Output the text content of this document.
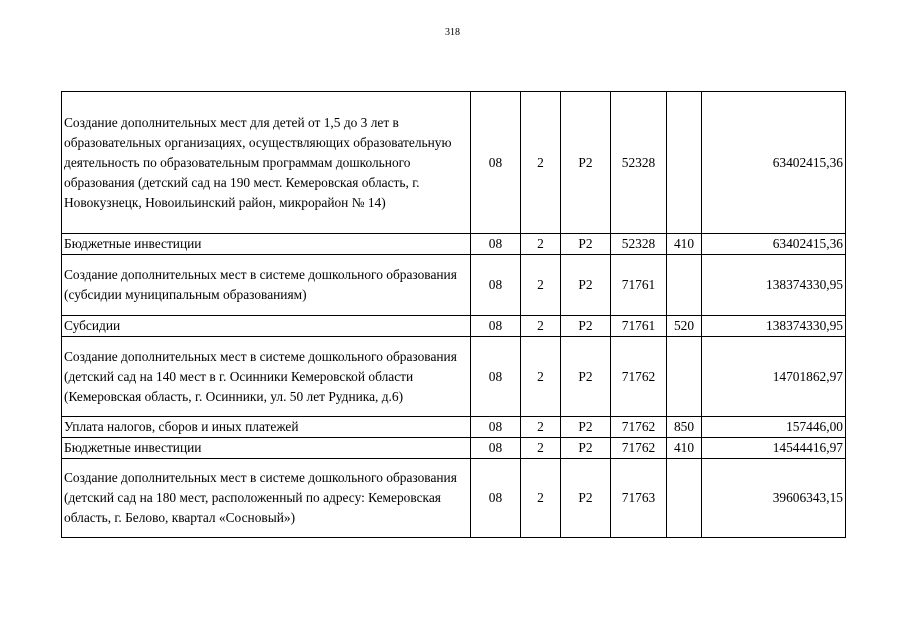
318
Создание дополнительных мест для детей от 1,5 до 3 лет в образовательных организациях, осуществляющих образовательную деятельность по образовательным программам дошкольного образования (детский сад на 190 мест. Кемеровская область, г. Новокузнецк, Новоильинский район, микрорайон № 14)	08	2	Р2	52328		63402415,36
Бюджетные инвестиции	08	2	Р2	52328	410	63402415,36
Создание дополнительных мест в системе дошкольного образования (субсидии муниципальным образованиям)	08	2	Р2	71761		138374330,95
Субсидии	08	2	Р2	71761	520	138374330,95
Создание дополнительных мест в системе дошкольного образования (детский сад на 140 мест в г. Осинники Кемеровской области (Кемеровская область, г. Осинники, ул. 50 лет Рудника, д.6)	08	2	Р2	71762		14701862,97
Уплата налогов, сборов и иных платежей	08	2	Р2	71762	850	157446,00
Бюджетные инвестиции	08	2	Р2	71762	410	14544416,97
Создание дополнительных мест в системе дошкольного образования (детский сад на 180 мест, расположенный по адресу: Кемеровская область, г. Белово, квартал «Сосновый»)	08	2	Р2	71763		39606343,15
